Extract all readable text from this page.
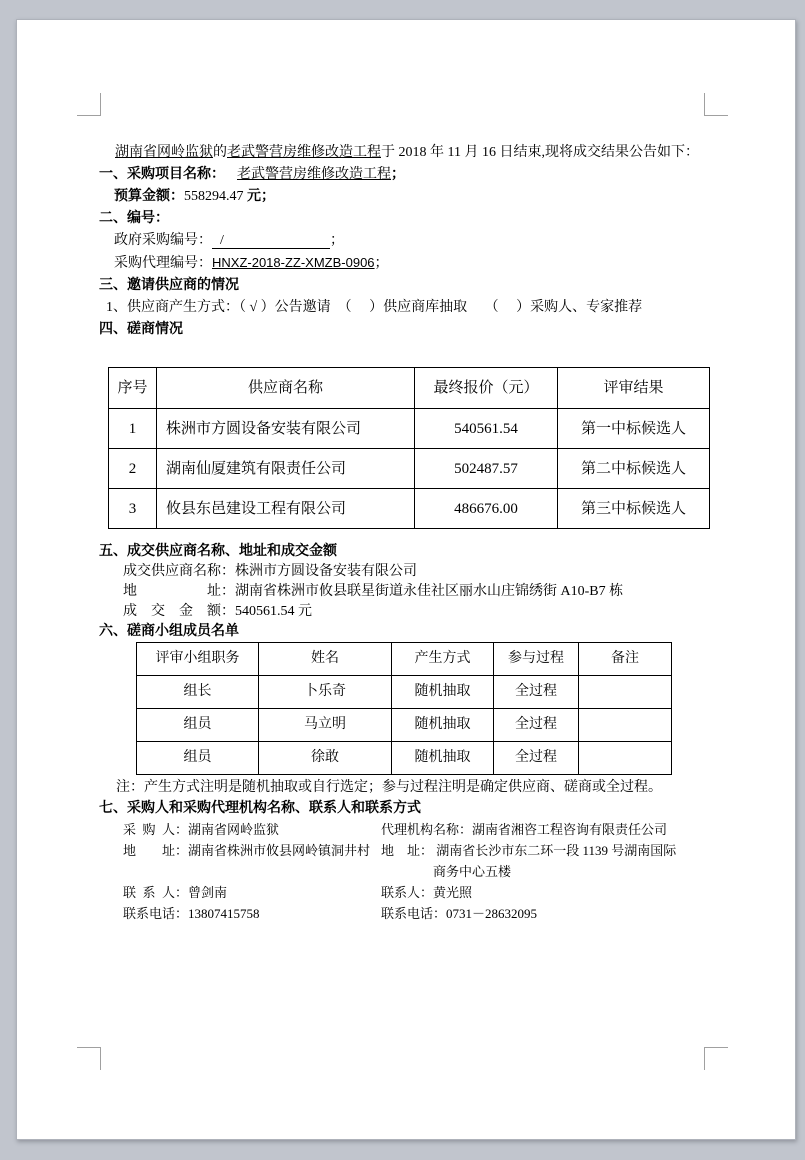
湖南省网岭监狱的老武警营房维修改造工程于 2018 年 11 月 16 日结束,现将成交结果公告如下：
一、采购项目名称： 老武警营房维修改造工程；
预算金额：558294.47 元；
二、编号：
政府采购编号： /	；
采购代理编号：HNXZ-2018-ZZ-XMZB-0906；
三、邀请供应商的情况
1、供应商产生方式：（ √ ）公告邀请　（　 ）供应商库抽取　 （　 ）采购人、专家推荐
四、磋商情况
序号	供应商名称	最终报价（元）	评审结果
1	株洲市方圆设备安装有限公司	540561.54	第一中标候选人
2	湖南仙厦建筑有限责任公司	502487.57	第二中标候选人
3	攸县东邑建设工程有限公司	486676.00	第三中标候选人
五、成交供应商名称、地址和成交金额
成交供应商名称：株洲市方圆设备安装有限公司
地　　　　　址：湖南省株洲市攸县联星街道永佳社区丽水山庄锦绣街 A10-B7 栋
成　交　金　额：540561.54 元
六、磋商小组成员名单
评审小组职务	姓名	产生方式	参与过程	备注
组长	卜乐奇	随机抽取	全过程	
组员	马立明	随机抽取	全过程	
组员	徐敢	随机抽取	全过程	
注：产生方式注明是随机抽取或自行选定；参与过程注明是确定供应商、磋商或全过程。
七、采购人和采购代理机构名称、联系人和联系方式
采  购  人：湖南省网岭监狱	代理机构名称：湖南省湘咨工程咨询有限责任公司
地　　址：湖南省株洲市攸县网岭镇洞井村 地　址： 湖南省长沙市东二环一段 1139 号湖南国际商务中心五楼
联  系  人：曾剑南	联系人：黄光照
联系电话：13807415758	联系电话：0731－28632095
